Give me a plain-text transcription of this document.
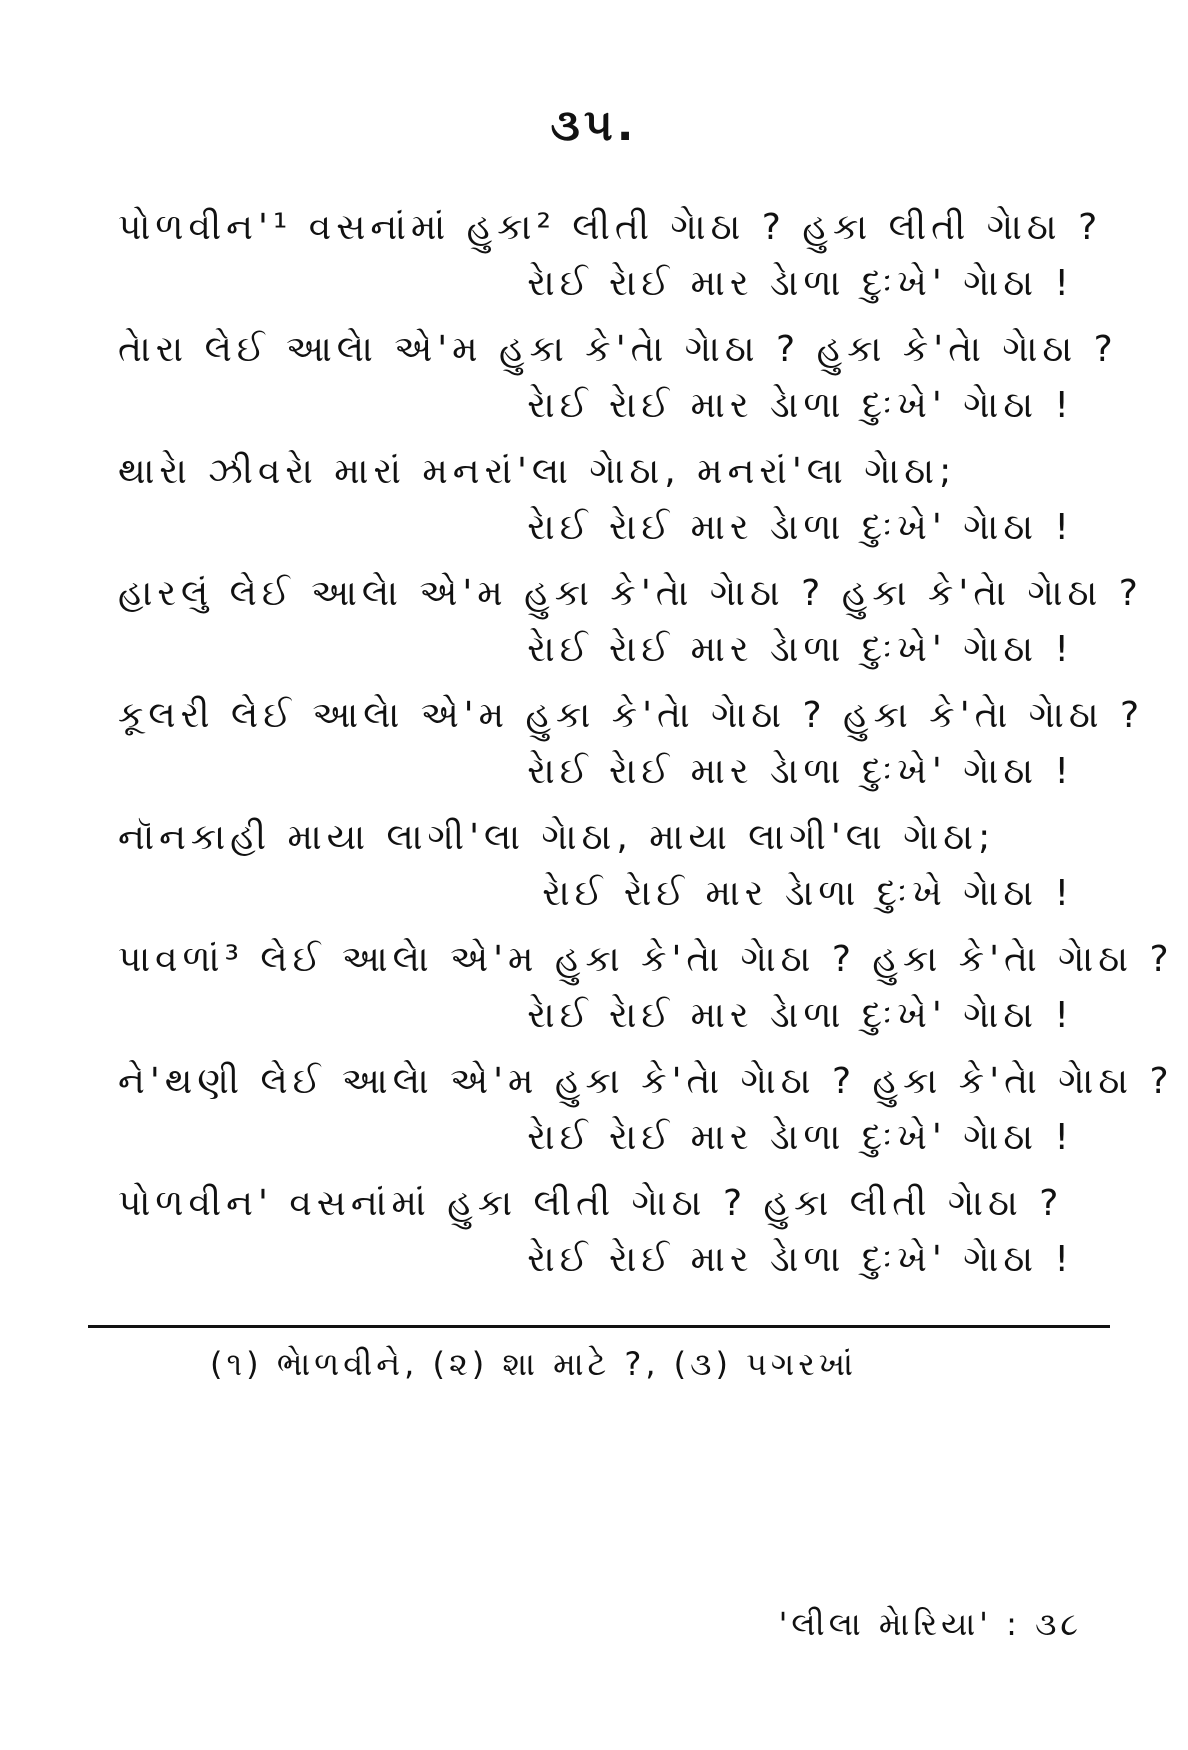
૩૫.
પોળવીન'¹ વસનાંમાં હુકા² લીતી ગેાઠા ? હુકા લીતી ગેાઠા ?
રેાઈ રેાઈ માર ડેાળા દુઃખે' ગેાઠા !
તેારા લેઈ આલેા એ'મ હુકા કે'તેા ગેાઠા ? હુકા કે'તેા ગેાઠા ?
રેાઈ રેાઈ માર ડેાળા દુઃખે' ગેાઠા !
થારેા ઝીવરેા મારાં મનરાં'લા ગેાઠા, મનરાં'લા ગેાઠા;
રેાઈ રેાઈ માર ડેાળા દુઃખે' ગેાઠા !
હારલું લેઈ આલેા એ'મ હુકા કે'તેા ગેાઠા ? હુકા કે'તેા ગેાઠા ?
રેાઈ રેાઈ માર ડેાળા દુઃખે' ગેાઠા !
કૂલરી લેઈ આલેા એ'મ હુકા કે'તેા ગેાઠા ? હુકા કે'તેા ગેાઠા ?
રેાઈ રેાઈ માર ડેાળા દુઃખે' ગેાઠા !
નૉનકાહી માયા લાગી'લા ગેાઠા, માયા લાગી'લા ગેાઠા;
રેાઈ રેાઈ માર ડેાળા દુઃખે ગેાઠા !
પાવળાં³ લેઈ આલેા એ'મ હુકા કે'તેા ગેાઠા ? હુકા કે'તેા ગેાઠા ?
રેાઈ રેાઈ માર ડેાળા દુઃખે' ગેાઠા !
ને'થણી લેઈ આલેા એ'મ હુકા કે'તેા ગેાઠા ? હુકા કે'તેા ગેાઠા ?
રેાઈ રેાઈ માર ડેાળા દુઃખે' ગેાઠા !
પોળવીન' વસનાંમાં હુકા લીતી ગેાઠા ? હુકા લીતી ગેાઠા ?
રેાઈ રેાઈ માર ડેાળા દુઃખે' ગેાઠા !
(૧) ભેાળવીને, (૨) શા માટે ?, (૩) પગરખાં
'લીલા મેારિયા' : ૩૮
